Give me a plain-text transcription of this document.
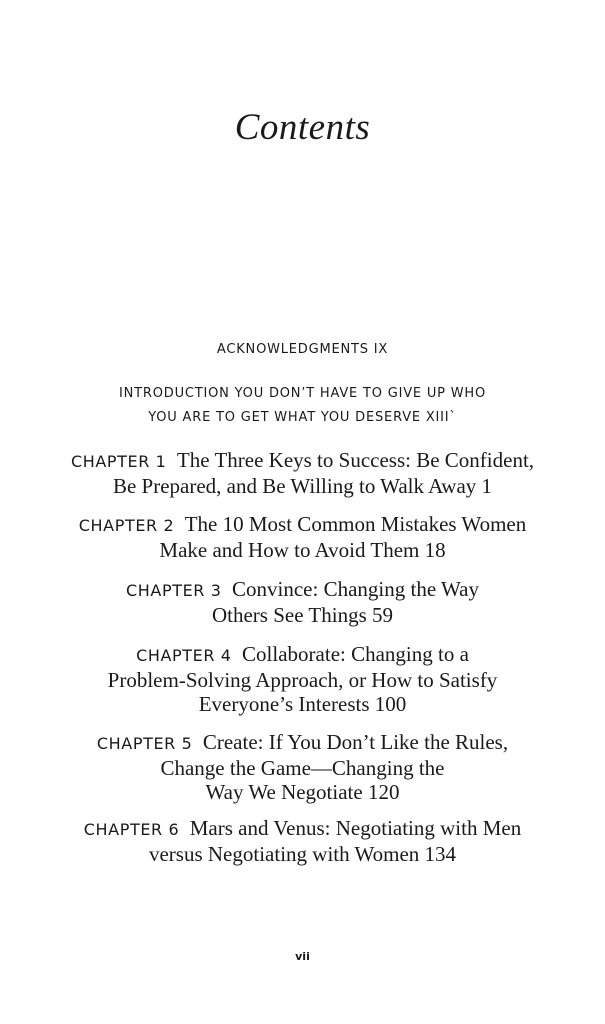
Contents
ACKNOWLEDGMENTS IX
INTRODUCTION YOU DON’T HAVE TO GIVE UP WHO
YOU ARE TO GET WHAT YOU DESERVE XIII`
CHAPTER 1 The Three Keys to Success: Be Confident,
Be Prepared, and Be Willing to Walk Away 1
CHAPTER 2 The 10 Most Common Mistakes Women
Make and How to Avoid Them 18
CHAPTER 3 Convince: Changing the Way
Others See Things 59
CHAPTER 4 Collaborate: Changing to a
Problem-Solving Approach, or How to Satisfy
Everyone’s Interests 100
CHAPTER 5 Create: If You Don’t Like the Rules,
Change the Game—Changing the
Way We Negotiate 120
CHAPTER 6 Mars and Venus: Negotiating with Men
versus Negotiating with Women 134
vii
